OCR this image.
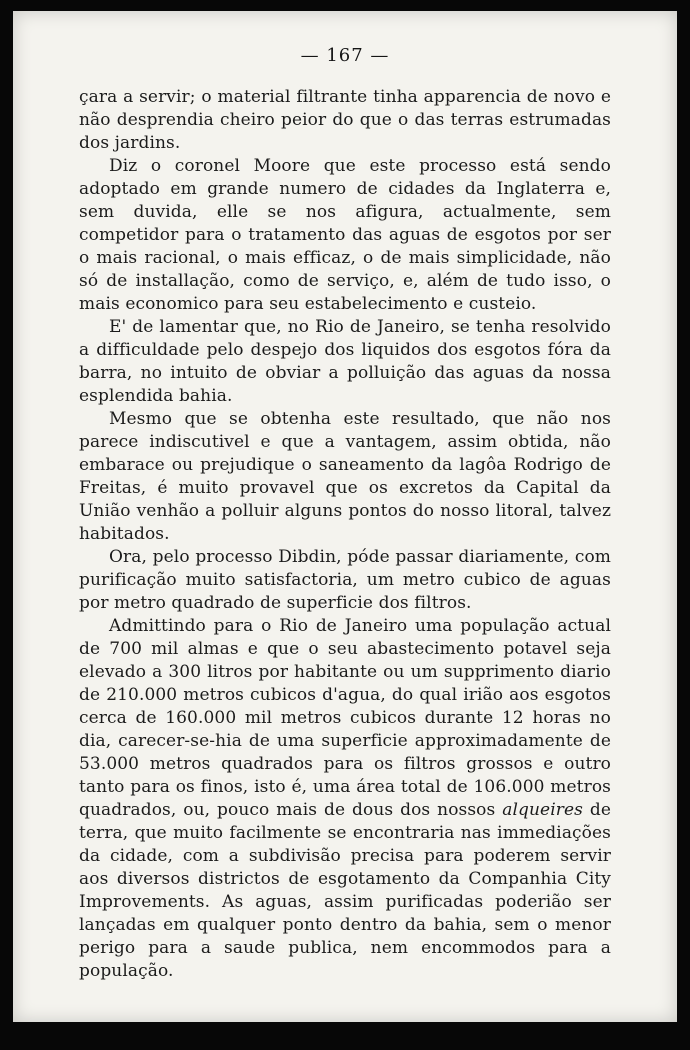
— 167 —

çara a servir; o material filtrante tinha apparencia de novo e não desprendia cheiro peior do que o das terras estrumadas dos jardins.

Diz o coronel Moore que este processo está sendo adoptado em grande numero de cidades da Inglaterra e, sem duvida, elle se nos afigura, actualmente, sem competidor para o tratamento das aguas de esgotos por ser o mais racional, o mais efficaz, o de mais simplicidade, não só de installação, como de serviço, e, além de tudo isso, o mais economico para seu estabelecimento e custeio.

E' de lamentar que, no Rio de Janeiro, se tenha resolvido a difficuldade pelo despejo dos liquidos dos esgotos fóra da barra, no intuito de obviar a polluição das aguas da nossa esplendida bahia.

Mesmo que se obtenha este resultado, que não nos parece indiscutivel e que a vantagem, assim obtida, não embarace ou prejudique o saneamento da lagôa Rodrigo de Freitas, é muito provavel que os excretos da Capital da União venhão a polluir alguns pontos do nosso litoral, talvez habitados.

Ora, pelo processo Dibdin, póde passar diariamente, com purificação muito satisfactoria, um metro cubico de aguas por metro quadrado de superficie dos filtros.

Admittindo para o Rio de Janeiro uma população actual de 700 mil almas e que o seu abastecimento potavel seja elevado a 300 litros por habitante ou um supprimento diario de 210.000 metros cubicos d'agua, do qual irião aos esgotos cerca de 160.000 mil metros cubicos durante 12 horas no dia, carecer-se-hia de uma superficie approximadamente de 53.000 metros quadrados para os filtros grossos e outro tanto para os finos, isto é, uma área total de 106.000 metros quadrados, ou, pouco mais de dous dos nossos alqueires de terra, que muito facilmente se encontraria nas immediações da cidade, com a subdivisão precisa para poderem servir aos diversos districtos de esgotamento da Companhia City Improvements. As aguas, assim purificadas poderião ser lançadas em qualquer ponto dentro da bahia, sem o menor perigo para a saude publica, nem encommodos para a população.
